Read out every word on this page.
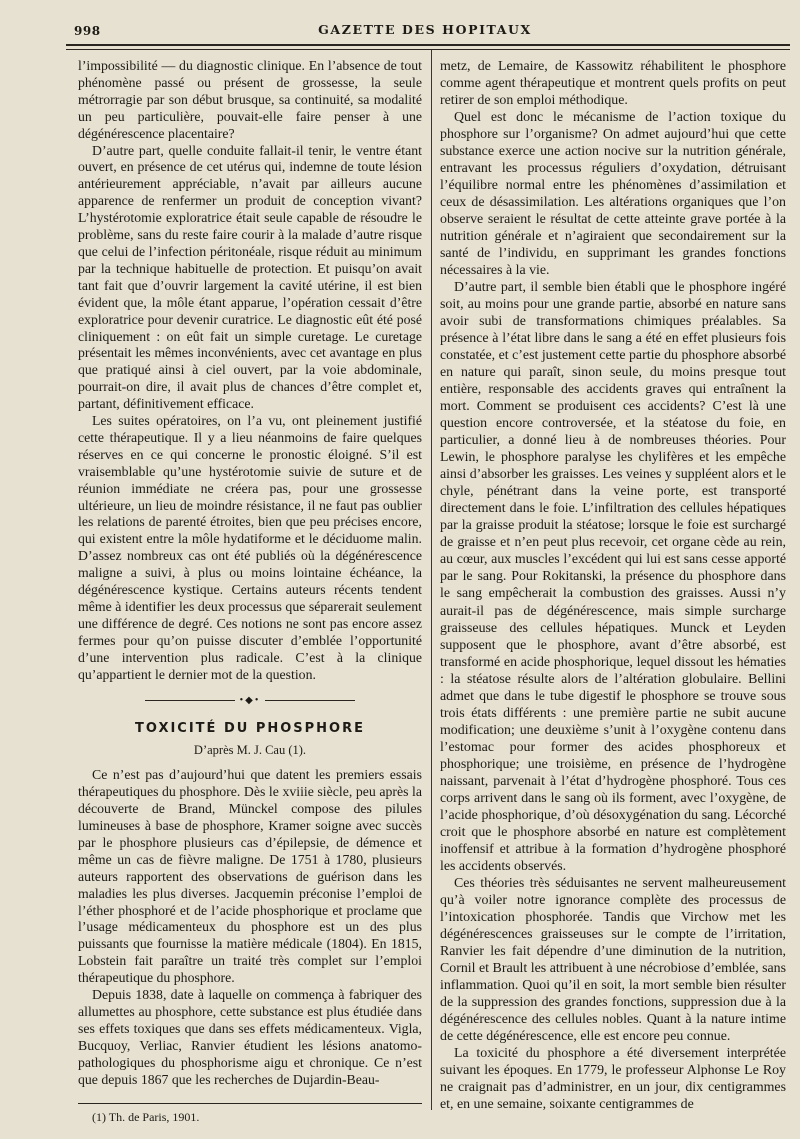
998	GAZETTE DES HOPITAUX

l’impossibilité — du diagnostic clinique. En l’absence de tout phénomène passé ou présent de grossesse, la seule métrorragie par son début brusque, sa continuité, sa modalité un peu particulière, pouvait-elle faire penser à une dégénérescence placentaire?

D’autre part, quelle conduite fallait-il tenir, le ventre étant ouvert, en présence de cet utérus qui, indemne de toute lésion antérieurement appréciable, n’avait par ailleurs aucune apparence de renfermer un produit de conception vivant? L’hystérotomie exploratrice était seule capable de résoudre le problème, sans du reste faire courir à la malade d’autre risque que celui de l’infection péritonéale, risque réduit au minimum par la technique habituelle de protection. Et puisqu’on avait tant fait que d’ouvrir largement la cavité utérine, il est bien évident que, la môle étant apparue, l’opération cessait d’être exploratrice pour devenir curatrice. Le diagnostic eût été posé cliniquement : on eût fait un simple curetage. Le curetage présentait les mêmes inconvénients, avec cet avantage en plus que pratiqué ainsi à ciel ouvert, par la voie abdominale, pourrait-on dire, il avait plus de chances d’être complet et, partant, définitivement efficace.

Les suites opératoires, on l’a vu, ont pleinement justifié cette thérapeutique. Il y a lieu néanmoins de faire quelques réserves en ce qui concerne le pronostic éloigné. S’il est vraisemblable qu’une hystérotomie suivie de suture et de réunion immédiate ne créera pas, pour une grossesse ultérieure, un lieu de moindre résistance, il ne faut pas oublier les relations de parenté étroites, bien que peu précises encore, qui existent entre la môle hydatiforme et le déciduome malin. D’assez nombreux cas ont été publiés où la dégénérescence maligne a suivi, à plus ou moins lointaine échéance, la dégénérescence kystique. Certains auteurs récents tendent même à identifier les deux processus que séparerait seulement une différence de degré. Ces notions ne sont pas encore assez fermes pour qu’on puisse discuter d’emblée l’opportunité d’une intervention plus radicale. C’est à la clinique qu’appartient le dernier mot de la question.

•◆•
TOXICITÉ DU PHOSPHORE
D’après M. J. Cau (1).

Ce n’est pas d’aujourd’hui que datent les premiers essais thérapeutiques du phosphore. Dès le xviiie siècle, peu après la découverte de Brand, Münckel compose des pilules lumineuses à base de phosphore, Kramer soigne avec succès par le phosphore plusieurs cas d’épilepsie, de démence et même un cas de fièvre maligne. De 1751 à 1780, plusieurs auteurs rapportent des observations de guérison dans les maladies les plus diverses. Jacquemin préconise l’emploi de l’éther phosphoré et de l’acide phosphorique et proclame que l’usage médicamenteux du phosphore est un des plus puissants que fournisse la matière médicale (1804). En 1815, Lobstein fait paraître un traité très complet sur l’emploi thérapeutique du phosphore.

Depuis 1838, date à laquelle on commença à fabriquer des allumettes au phosphore, cette substance est plus étudiée dans ses effets toxiques que dans ses effets médicamenteux. Vigla, Bucquoy, Verliac, Ranvier étudient les lésions anatomo-pathologiques du phosphorisme aigu et chronique. Ce n’est que depuis 1867 que les recherches de Dujardin-Beau-

metz, de Lemaire, de Kassowitz réhabilitent le phosphore comme agent thérapeutique et montrent quels profits on peut retirer de son emploi méthodique.

Quel est donc le mécanisme de l’action toxique du phosphore sur l’organisme? On admet aujourd’hui que cette substance exerce une action nocive sur la nutrition générale, entravant les processus réguliers d’oxydation, détruisant l’équilibre normal entre les phénomènes d’assimilation et ceux de désassimilation. Les altérations organiques que l’on observe seraient le résultat de cette atteinte grave portée à la nutrition générale et n’agiraient que secondairement sur la santé de l’individu, en supprimant les grandes fonctions nécessaires à la vie.

D’autre part, il semble bien établi que le phosphore ingéré soit, au moins pour une grande partie, absorbé en nature sans avoir subi de transformations chimiques préalables. Sa présence à l’état libre dans le sang a été en effet plusieurs fois constatée, et c’est justement cette partie du phosphore absorbé en nature qui paraît, sinon seule, du moins presque tout entière, responsable des accidents graves qui entraînent la mort. Comment se produisent ces accidents? C’est là une question encore controversée, et la stéatose du foie, en particulier, a donné lieu à de nombreuses théories. Pour Lewin, le phosphore paralyse les chylifères et les empêche ainsi d’absorber les graisses. Les veines y suppléent alors et le chyle, pénétrant dans la veine porte, est transporté directement dans le foie. L’infiltration des cellules hépatiques par la graisse produit la stéatose; lorsque le foie est surchargé de graisse et n’en peut plus recevoir, cet organe cède au rein, au cœur, aux muscles l’excédent qui lui est sans cesse apporté par le sang. Pour Rokitanski, la présence du phosphore dans le sang empêcherait la combustion des graisses. Aussi n’y aurait-il pas de dégénérescence, mais simple surcharge graisseuse des cellules hépatiques. Munck et Leyden supposent que le phosphore, avant d’être absorbé, est transformé en acide phosphorique, lequel dissout les hématies : la stéatose résulte alors de l’altération globulaire. Bellini admet que dans le tube digestif le phosphore se trouve sous trois états différents : une première partie ne subit aucune modification; une deuxième s’unit à l’oxygène contenu dans l’estomac pour former des acides phosphoreux et phosphorique; une troisième, en présence de l’hydrogène naissant, parvenait à l’état d’hydrogène phosphoré. Tous ces corps arrivent dans le sang où ils forment, avec l’oxygène, de l’acide phosphorique, d’où désoxygénation du sang. Lécorché croit que le phosphore absorbé en nature est complètement inoffensif et attribue à la formation d’hydrogène phosphoré les accidents observés.

Ces théories très séduisantes ne servent malheureusement qu’à voiler notre ignorance complète des processus de l’intoxication phosphorée. Tandis que Virchow met les dégénérescences graisseuses sur le compte de l’irritation, Ranvier les fait dépendre d’une diminution de la nutrition, Cornil et Brault les attribuent à une nécrobiose d’emblée, sans inflammation. Quoi qu’il en soit, la mort semble bien résulter de la suppression des grandes fonctions, suppression due à la dégénérescence des cellules nobles. Quant à la nature intime de cette dégénérescence, elle est encore peu connue.

La toxicité du phosphore a été diversement interprétée suivant les époques. En 1779, le professeur Alphonse Le Roy ne craignait pas d’administrer, en un jour, dix centigrammes et, en une semaine, soixante centigrammes de

(1) Th. de Paris, 1901.
